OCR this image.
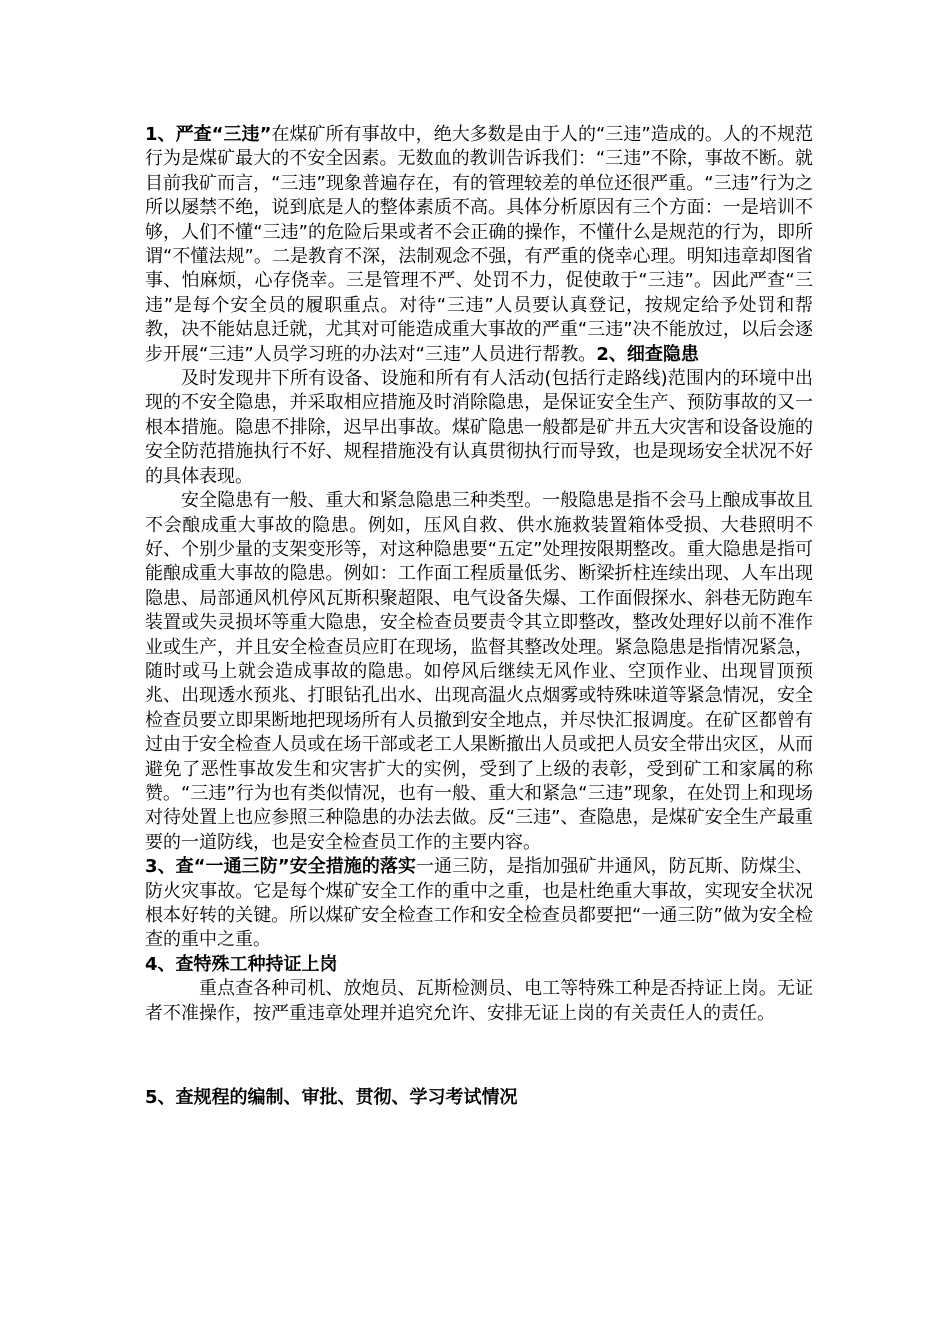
1、严查“三违”在煤矿所有事故中，绝大多数是由于人的“三违”造成的。人的不规范行为是煤矿最大的不安全因素。无数血的教训告诉我们：“三违”不除，事故不断。就目前我矿而言，“三违”现象普遍存在，有的管理较差的单位还很严重。“三违”行为之所以屡禁不绝，说到底是人的整体素质不高。具体分析原因有三个方面：一是培训不够，人们不懂“三违”的危险后果或者不会正确的操作，不懂什么是规范的行为，即所谓“不懂法规”。二是教育不深，法制观念不强，有严重的侥幸心理。明知违章却图省事、怕麻烦，心存侥幸。三是管理不严、处罚不力，促使敢于“三违”。因此严查“三违”是每个安全员的履职重点。对待“三违”人员要认真登记，按规定给予处罚和帮教，决不能姑息迁就，尤其对可能造成重大事故的严重“三违”决不能放过，以后会逐步开展“三违”人员学习班的办法对“三违”人员进行帮教。2、细查隐患

及时发现井下所有设备、设施和所有有人活动(包括行走路线)范围内的环境中出现的不安全隐患，并采取相应措施及时消除隐患，是保证安全生产、预防事故的又一根本措施。隐患不排除，迟早出事故。煤矿隐患一般都是矿井五大灾害和设备设施的安全防范措施执行不好、规程措施没有认真贯彻执行而导致，也是现场安全状况不好的具体表现。

安全隐患有一般、重大和紧急隐患三种类型。一般隐患是指不会马上酿成事故且不会酿成重大事故的隐患。例如，压风自救、供水施救装置箱体受损、大巷照明不好、个别少量的支架变形等，对这种隐患要“五定”处理按限期整改。重大隐患是指可能酿成重大事故的隐患。例如：工作面工程质量低劣、断梁折柱连续出现、人车出现隐患、局部通风机停风瓦斯积聚超限、电气设备失爆、工作面假探水、斜巷无防跑车装置或失灵损坏等重大隐患，安全检查员要责令其立即整改，整改处理好以前不准作业或生产，并且安全检查员应盯在现场，监督其整改处理。紧急隐患是指情况紧急，随时或马上就会造成事故的隐患。如停风后继续无风作业、空顶作业、出现冒顶预兆、出现透水预兆、打眼钻孔出水、出现高温火点烟雾或特殊味道等紧急情况，安全检查员要立即果断地把现场所有人员撤到安全地点，并尽快汇报调度。在矿区都曾有过由于安全检查人员或在场干部或老工人果断撤出人员或把人员安全带出灾区，从而避免了恶性事故发生和灾害扩大的实例，受到了上级的表彰，受到矿工和家属的称赞。“三违”行为也有类似情况，也有一般、重大和紧急“三违”现象，在处罚上和现场对待处置上也应参照三种隐患的办法去做。反“三违”、查隐患，是煤矿安全生产最重要的一道防线，也是安全检查员工作的主要内容。

3、查“一通三防”安全措施的落实一通三防，是指加强矿井通风，防瓦斯、防煤尘、防火灾事故。它是每个煤矿安全工作的重中之重，也是杜绝重大事故，实现安全状况根本好转的关键。所以煤矿安全检查工作和安全检查员都要把“一通三防”做为安全检查的重中之重。

4、查特殊工种持证上岗

重点查各种司机、放炮员、瓦斯检测员、电工等特殊工种是否持证上岗。无证者不准操作，按严重违章处理并追究允许、安排无证上岗的有关责任人的责任。

5、查规程的编制、审批、贯彻、学习考试情况
